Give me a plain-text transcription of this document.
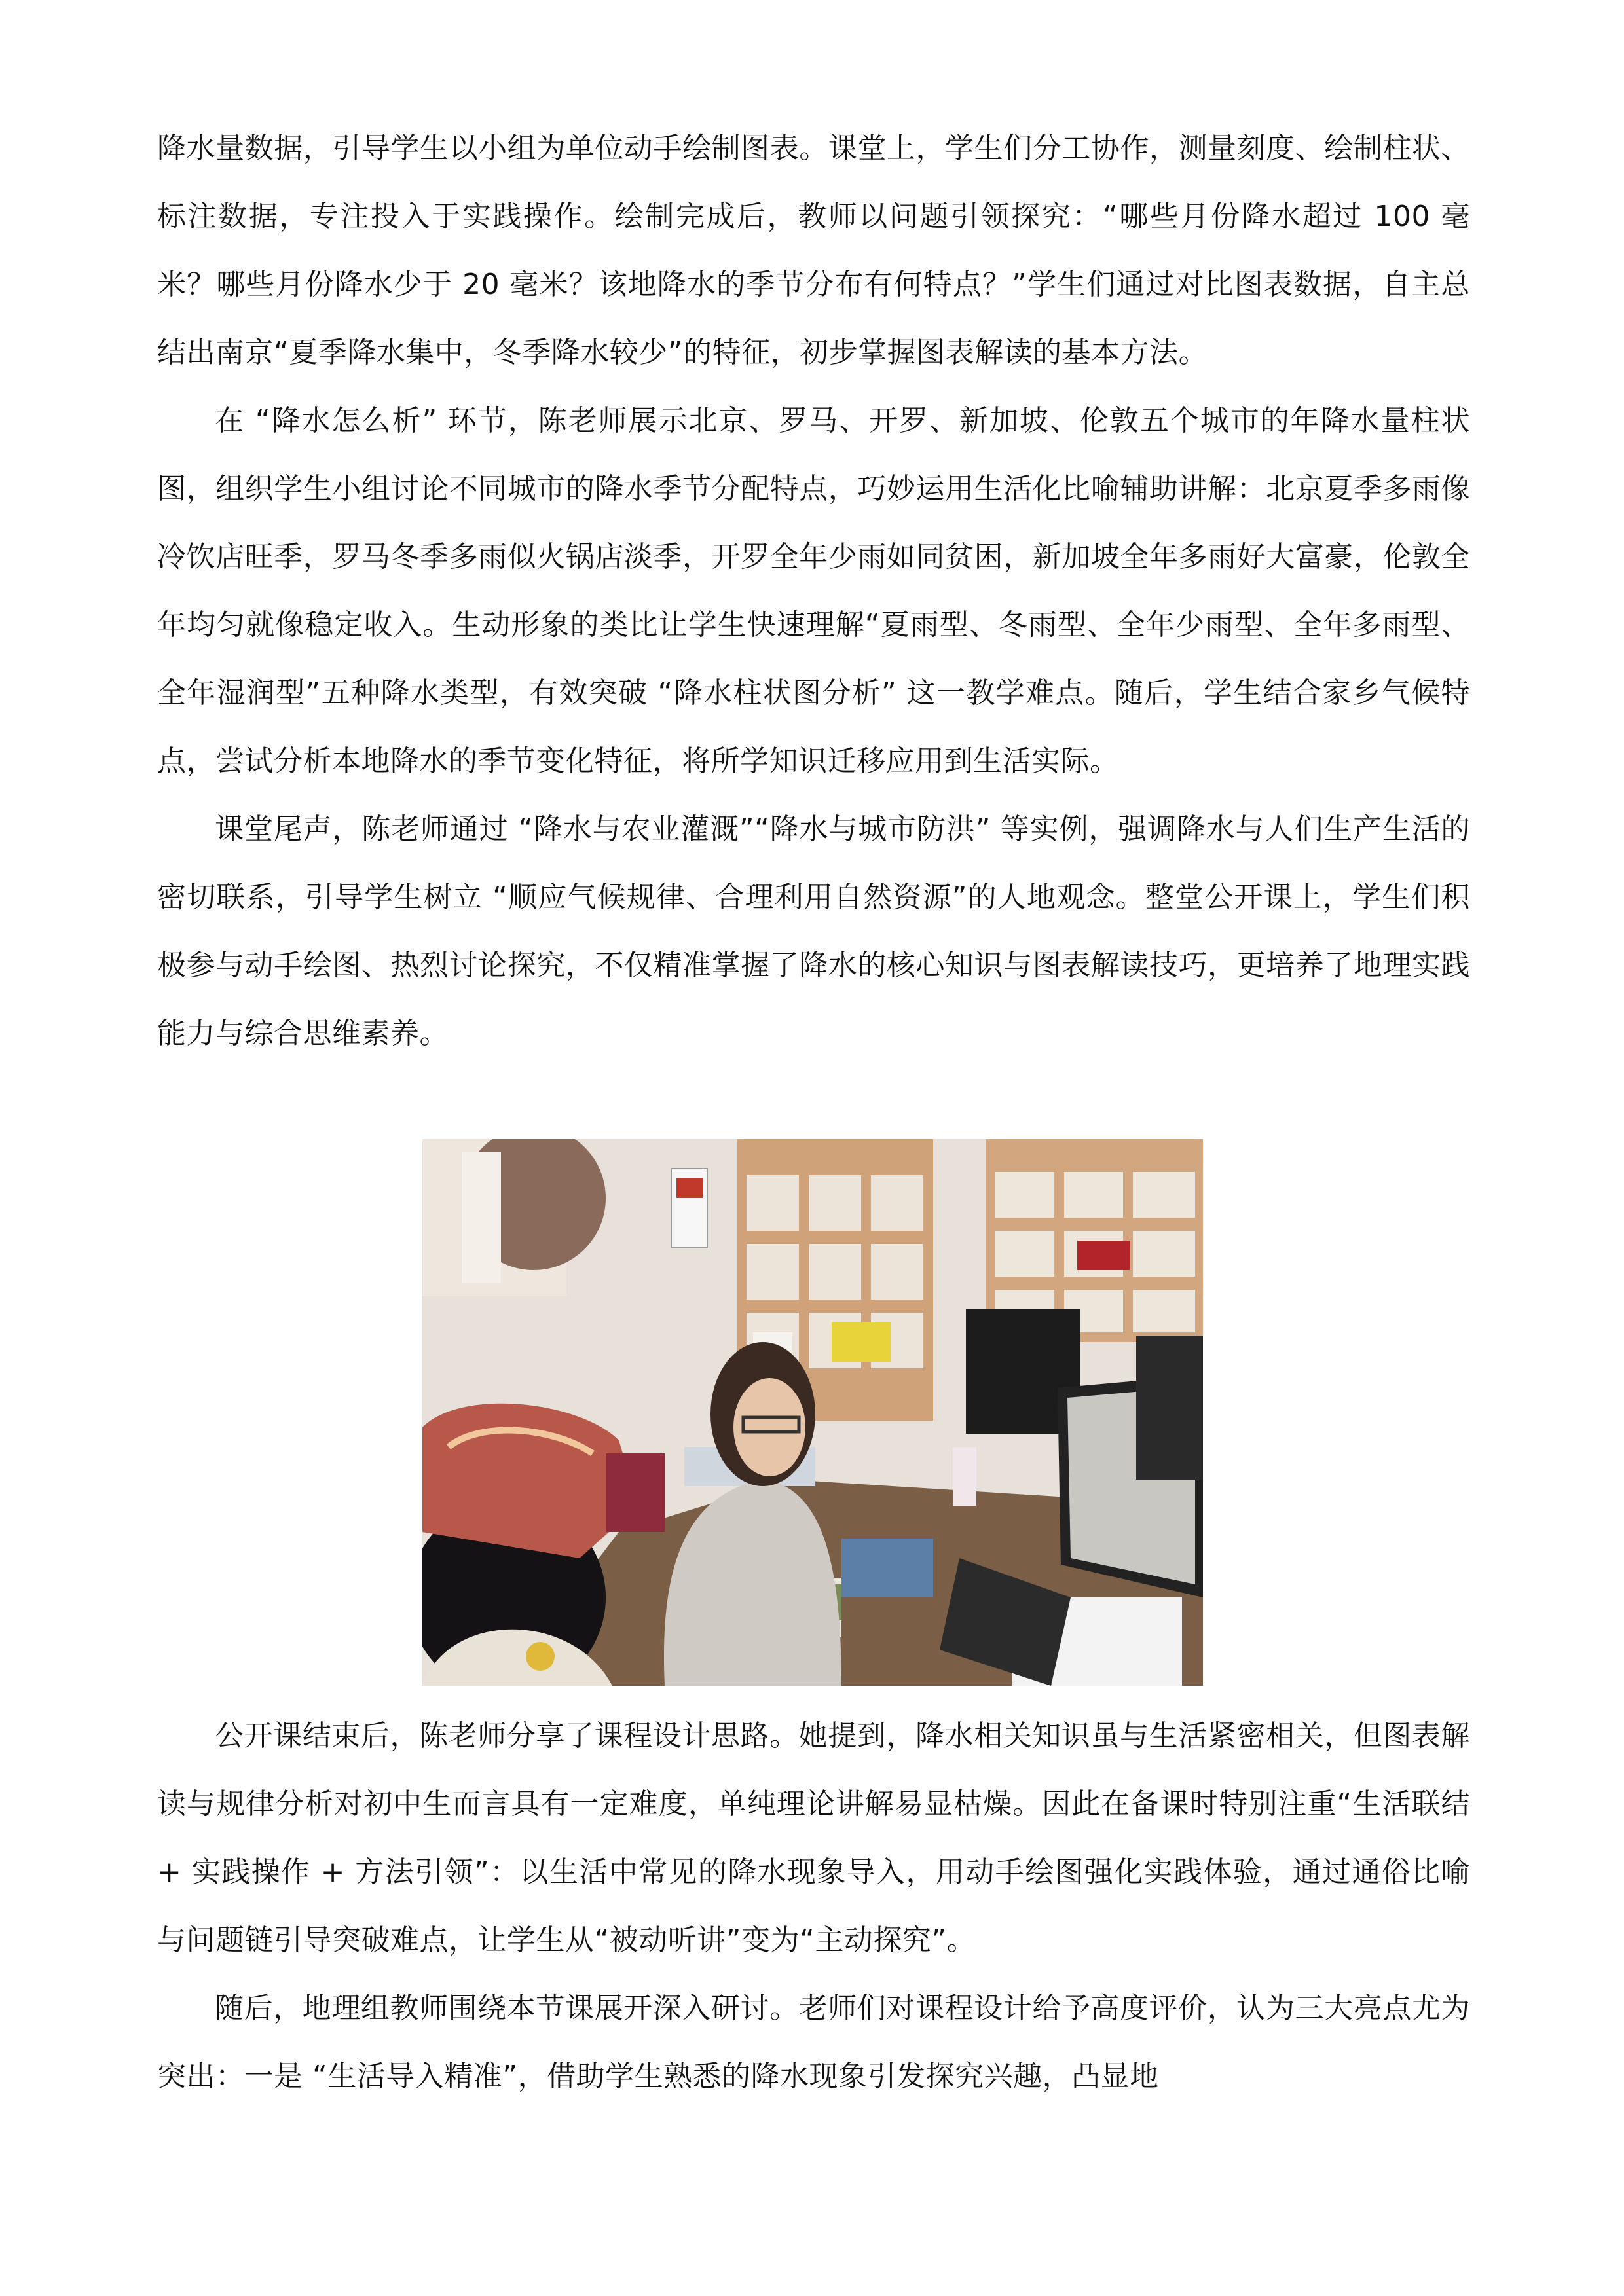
降水量数据，引导学生以小组为单位动手绘制图表。课堂上，学生们分工协作，测量刻度、绘制柱状、标注数据，专注投入于实践操作。绘制完成后，教师以问题引领探究：“哪些月份降水超过 100 毫米？哪些月份降水少于 20 毫米？该地降水的季节分布有何特点？”学生们通过对比图表数据，自主总结出南京“夏季降水集中，冬季降水较少”的特征，初步掌握图表解读的基本方法。

在 “降水怎么析” 环节，陈老师展示北京、罗马、开罗、新加坡、伦敦五个城市的年降水量柱状图，组织学生小组讨论不同城市的降水季节分配特点，巧妙运用生活化比喻辅助讲解：北京夏季多雨像冷饮店旺季，罗马冬季多雨似火锅店淡季，开罗全年少雨如同贫困，新加坡全年多雨好大富豪，伦敦全年均匀就像稳定收入。生动形象的类比让学生快速理解“夏雨型、冬雨型、全年少雨型、全年多雨型、全年湿润型”五种降水类型，有效突破 “降水柱状图分析” 这一教学难点。随后，学生结合家乡气候特点，尝试分析本地降水的季节变化特征，将所学知识迁移应用到生活实际。

课堂尾声，陈老师通过 “降水与农业灌溉”“降水与城市防洪” 等实例，强调降水与人们生产生活的密切联系，引导学生树立 “顺应气候规律、合理利用自然资源”的人地观念。整堂公开课上，学生们积极参与动手绘图、热烈讨论探究，不仅精准掌握了降水的核心知识与图表解读技巧，更培养了地理实践能力与综合思维素养。

公开课结束后，陈老师分享了课程设计思路。她提到，降水相关知识虽与生活紧密相关，但图表解读与规律分析对初中生而言具有一定难度，单纯理论讲解易显枯燥。因此在备课时特别注重“生活联结 + 实践操作 + 方法引领”：以生活中常见的降水现象导入，用动手绘图强化实践体验，通过通俗比喻与问题链引导突破难点，让学生从“被动听讲”变为“主动探究”。

随后，地理组教师围绕本节课展开深入研讨。老师们对课程设计给予高度评价，认为三大亮点尤为突出：一是 “生活导入精准”，借助学生熟悉的降水现象引发探究兴趣，凸显地
